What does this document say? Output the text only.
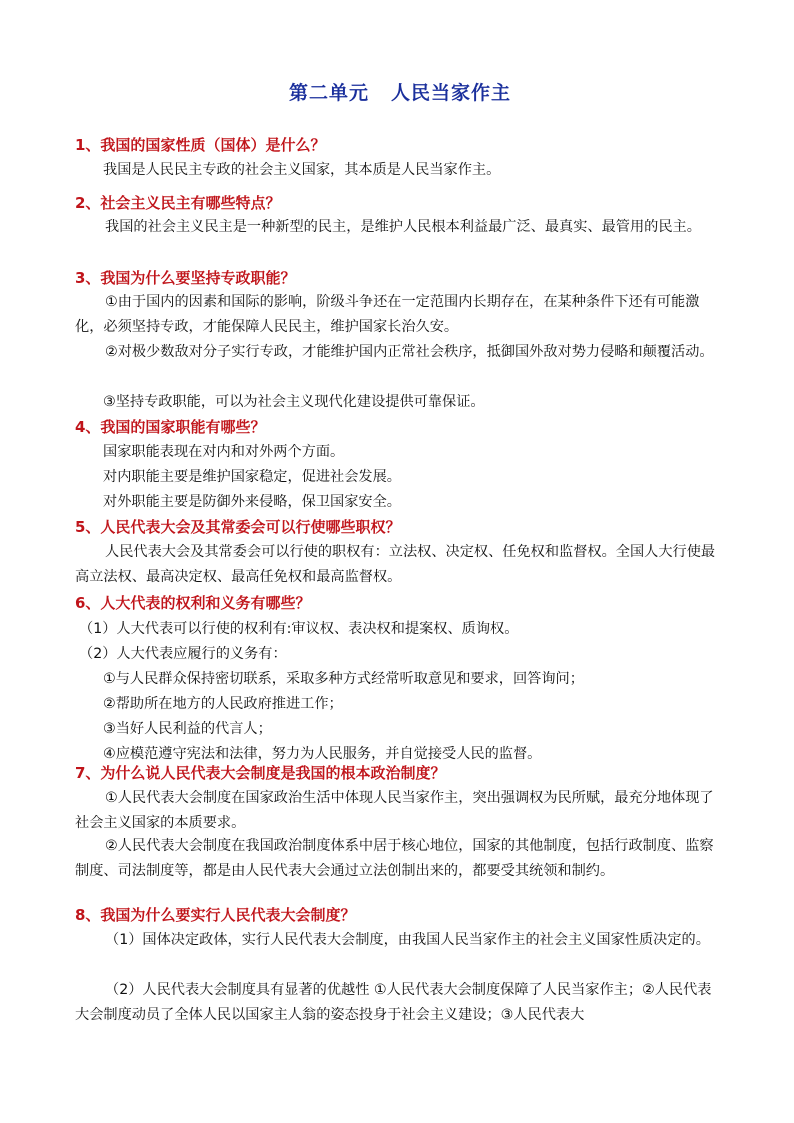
第二单元 人民当家作主
1、我国的国家性质（国体）是什么？
我国是人民民主专政的社会主义国家，其本质是人民当家作主。
2、社会主义民主有哪些特点？
我国的社会主义民主是一种新型的民主，是维护人民根本利益最广泛、最真实、最管用的民主。
3、我国为什么要坚持专政职能？
①由于国内的因素和国际的影响，阶级斗争还在一定范围内长期存在，在某种条件下还有可能激化，必须坚持专政，才能保障人民民主，维护国家长治久安。
②对极少数敌对分子实行专政，才能维护国内正常社会秩序，抵御国外敌对势力侵略和颠覆活动。
③坚持专政职能，可以为社会主义现代化建设提供可靠保证。
4、我国的国家职能有哪些？
国家职能表现在对内和对外两个方面。
对内职能主要是维护国家稳定，促进社会发展。
对外职能主要是防御外来侵略，保卫国家安全。
5、人民代表大会及其常委会可以行使哪些职权？
人民代表大会及其常委会可以行使的职权有：立法权、决定权、任免权和监督权。全国人大行使最高立法权、最高决定权、最高任免权和最高监督权。
6、人大代表的权利和义务有哪些？
（1）人大代表可以行使的权利有:审议权、表决权和提案权、质询权。
（2）人大代表应履行的义务有：
①与人民群众保持密切联系，采取多种方式经常听取意见和要求，回答询问；
②帮助所在地方的人民政府推进工作；
③当好人民利益的代言人；
④应模范遵守宪法和法律，努力为人民服务，并自觉接受人民的监督。
7、为什么说人民代表大会制度是我国的根本政治制度？
①人民代表大会制度在国家政治生活中体现人民当家作主，突出强调权为民所赋，最充分地体现了社会主义国家的本质要求。
②人民代表大会制度在我国政治制度体系中居于核心地位，国家的其他制度，包括行政制度、监察制度、司法制度等，都是由人民代表大会通过立法创制出来的，都要受其统领和制约。
8、我国为什么要实行人民代表大会制度？
（1）国体决定政体，实行人民代表大会制度，由我国人民当家作主的社会主义国家性质决定的。
（2）人民代表大会制度具有显著的优越性 ①人民代表大会制度保障了人民当家作主；②人民代表大会制度动员了全体人民以国家主人翁的姿态投身于社会主义建设；③人民代表大
